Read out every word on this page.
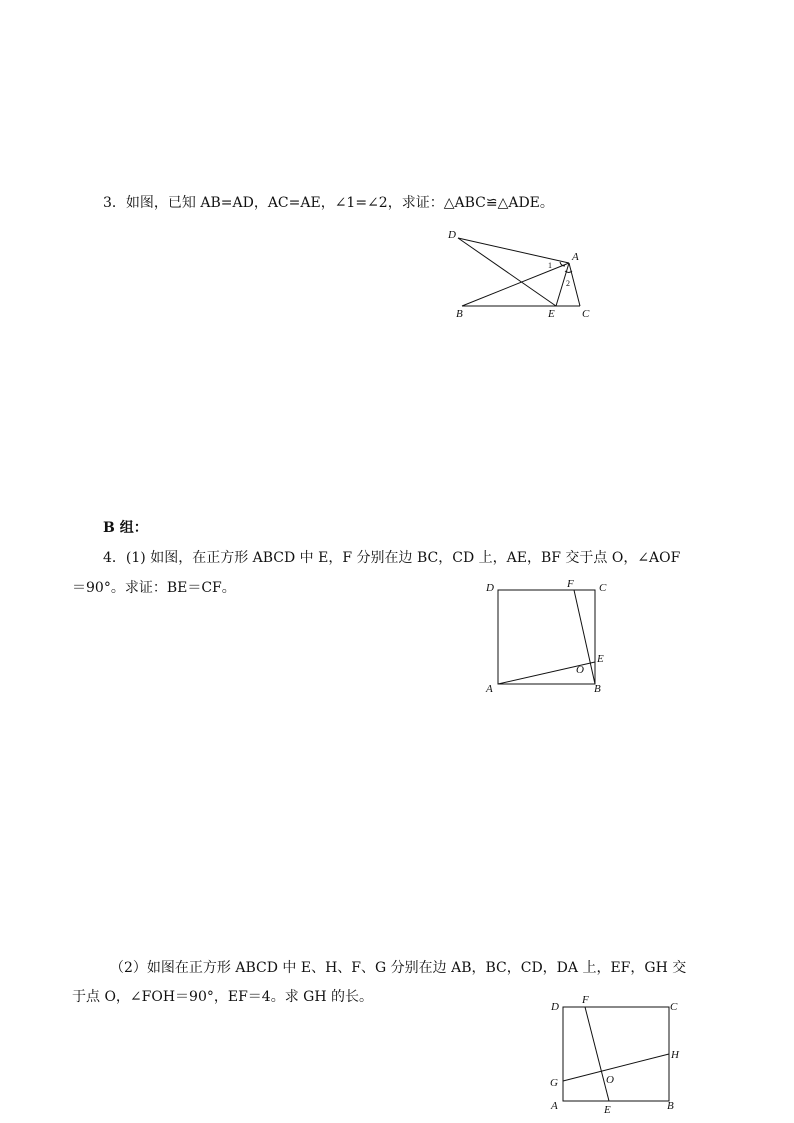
3．如图，已知 AB=AD，AC=AE，∠1=∠2，求证：△ABC≌△ADE。
D
A
B	E C
1
2
B 组：
4．(1) 如图，在正方形 ABCD 中 E，F 分别在边 BC，CD 上，AE，BF 交于点 O，∠AOF
＝90°。求证：BE＝CF。	D	F C
O
E
A	B
（2）如图在正方形 ABCD 中 E、H、F、G 分别在边 AB，BC，CD，DA 上，EF，GH 交
于点 O，∠FOH＝90°，EF＝4。求 GH 的长。
D
F
C
H
G	O
A	E	B
